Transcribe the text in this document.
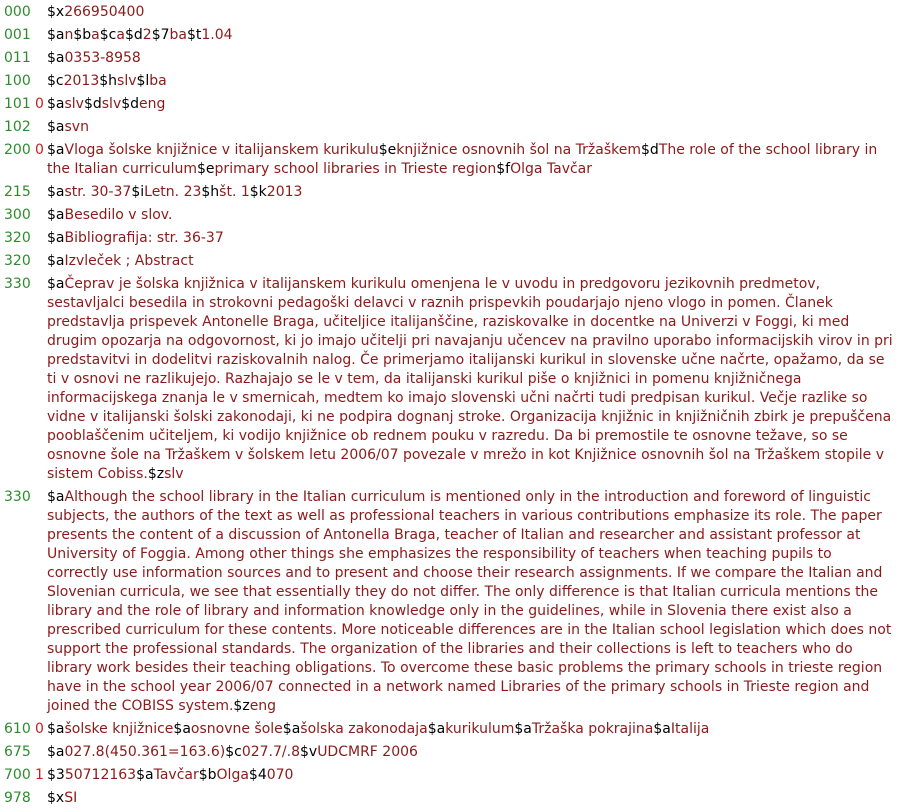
000	$x266950400
001	$an$ba$ca$d2$7ba$t1.04
011	$a0353-8958
100	$c2013$hslv$lba
101 0 $aslv$dslv$deng
102	$asvn
200 0 $aVloga šolske knjižnice v italijanskem kurikulu$eknjižnice osnovnih šol na Tržaškem$dThe role of the school library in the Italian curriculum$eprimary school libraries in Trieste region$fOlga Tavčar
215	$astr. 30-37$iLetn. 23$hšt. 1$k2013
300	$aBesedilo v slov.
320	$aBibliografija: str. 36-37
320	$aIzvleček ; Abstract
330	$aČeprav je šolska knjižnica v italijanskem kurikulu omenjena le v uvodu in predgovoru jezikovnih predmetov, sestavljalci besedila in strokovni pedagoški delavci v raznih prispevkih poudarjajo njeno vlogo in pomen. Članek predstavlja prispevek Antonelle Braga, učiteljice italijanščine, raziskovalke in docentke na Univerzi v Foggi, ki med drugim opozarja na odgovornost, ki jo imajo učitelji pri navajanju učencev na pravilno uporabo informacijskih virov in pri predstavitvi in dodelitvi raziskovalnih nalog. Če primerjamo italijanski kurikul in slovenske učne načrte, opažamo, da se ti v osnovi ne razlikujejo. Razhajajo se le v tem, da italijanski kurikul piše o knjižnici in pomenu knjižničnega informacijskega znanja le v smernicah, medtem ko imajo slovenski učni načrti tudi predpisan kurikul. Večje razlike so vidne v italijanski šolski zakonodaji, ki ne podpira dognanj stroke. Organizacija knjižnic in knjižničnih zbirk je prepuščena pooblaščenim učiteljem, ki vodijo knjižnice ob rednem pouku v razredu. Da bi premostile te osnovne težave, so se osnovne šole na Tržaškem v šolskem letu 2006/07 povezale v mrežo in kot Knjižnice osnovnih šol na Tržaškem stopile v sistem Cobiss.$zslv
330	$aAlthough the school library in the Italian curriculum is mentioned only in the introduction and foreword of linguistic subjects, the authors of the text as well as professional teachers in various contributions emphasize its role. The paper presents the content of a discussion of Antonella Braga, teacher of Italian and researcher and assistant professor at University of Foggia. Among other things she emphasizes the responsibility of teachers when teaching pupils to correctly use information sources and to present and choose their research assignments. If we compare the Italian and Slovenian curricula, we see that essentially they do not differ. The only difference is that Italian curricula mentions the library and the role of library and information knowledge only in the guidelines, while in Slovenia there exist also a prescribed curriculum for these contents. More noticeable differences are in the Italian school legislation which does not support the professional standards. The organization of the libraries and their collections is left to teachers who do library work besides their teaching obligations. To overcome these basic problems the primary schools in trieste region have in the school year 2006/07 connected in a network named Libraries of the primary schools in Trieste region and joined the COBISS system.$zeng
610 0 $ašolske knjižnice$aosnovne šole$ašolska zakonodaja$akurikulum$aTržaška pokrajina$aItalija
675	$a027.8(450.361=163.6)$c027.7/.8$vUDCMRF 2006
700 1 $350712163$aTavčar$bOlga$4070
978	$xSI
